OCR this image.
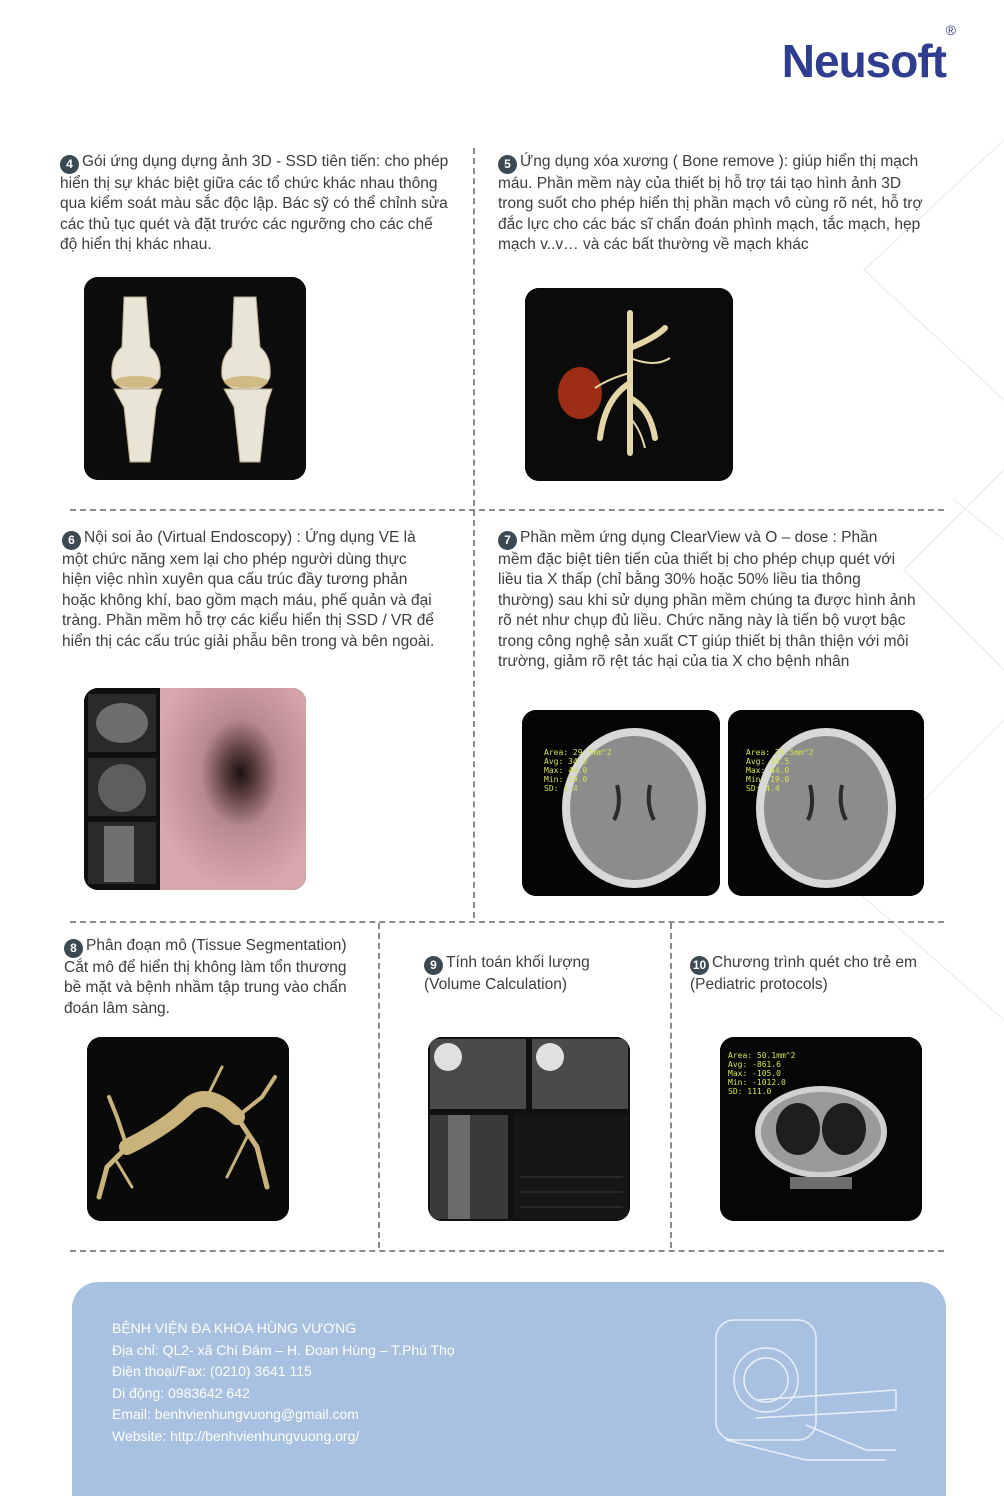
Neusoft
®
4 Gói ứng dụng dựng ảnh 3D - SSD tiên tiến: cho phép hiển thị sự khác biệt giữa các tổ chức khác nhau thông qua kiểm soát màu sắc độc lập. Bác sỹ có thể chỉnh sửa các thủ tục quét và đặt trước các ngưỡng cho các chế độ hiển thị khác nhau.
5 Ứng dụng xóa xương ( Bone remove ): giúp hiển thị mạch máu. Phần mềm này của thiết bị hỗ trợ tái tạo hình ảnh 3D trong suốt cho phép hiển thị phần mạch vô cùng rõ nét, hỗ trợ đắc lực cho các bác sĩ chẩn đoán phình mạch, tắc mạch, hẹp mạch v..v… và các bất thường về mạch khác
6 Nội soi ảo (Virtual Endoscopy) : Ứng dụng VE là một chức năng xem lại cho phép người dùng thực hiện việc nhìn xuyên qua cấu trúc đầy tương phản hoặc không khí, bao gồm mạch máu, phế quản và đại tràng. Phần mềm hỗ trợ các kiểu hiển thị SSD / VR để hiển thị các cấu trúc giải phẫu bên trong và bên ngoài.
7 Phần mềm ứng dụng ClearView và O – dose : Phần mềm đặc biệt tiên tiến của thiết bị cho phép chụp quét với liều tia X thấp (chỉ bằng 30% hoặc 50% liều tia thông thường) sau khi sử dụng phần mềm chúng ta được hình ảnh rõ nét như chụp đủ liều. Chức năng này là tiến bộ vượt bậc trong công nghệ sản xuất CT giúp thiết bị thân thiện với môi trường, giảm rõ rệt tác hại của tia X cho bệnh nhân
Area: 29.5mm^2
Avg: 34.5
Max: 44.0
Min: 19.0
SD: 4.4
Area: 29.5mm^2
Avg: 34.5
Max: 44.0
Min: 19.0
SD: 4.4
8 Phân đoạn mô (Tissue Segmentation) Cắt mô để hiển thị không làm tổn thương bề mặt và bệnh nhầm tập trung vào chẩn đoán lâm sàng.
9 Tính toán khối lượng (Volume Calculation)
10 Chương trình quét cho trẻ em (Pediatric protocols)
Area: 50.1mm^2
Avg: -861.6
Max: -105.0
Min: -1012.0
SD: 111.0
BỆNH VIỆN ĐA KHOA HÙNG VƯƠNG
Địa chỉ: QL2- xã Chí Đám – H. Đoan Hùng – T.Phú Thọ
Điện thoại/Fax: (0210) 3641 115
Di động: 0983642 642
Email: benhvienhungvuong@gmail.com
Website: http://benhvienhungvuong.org/
